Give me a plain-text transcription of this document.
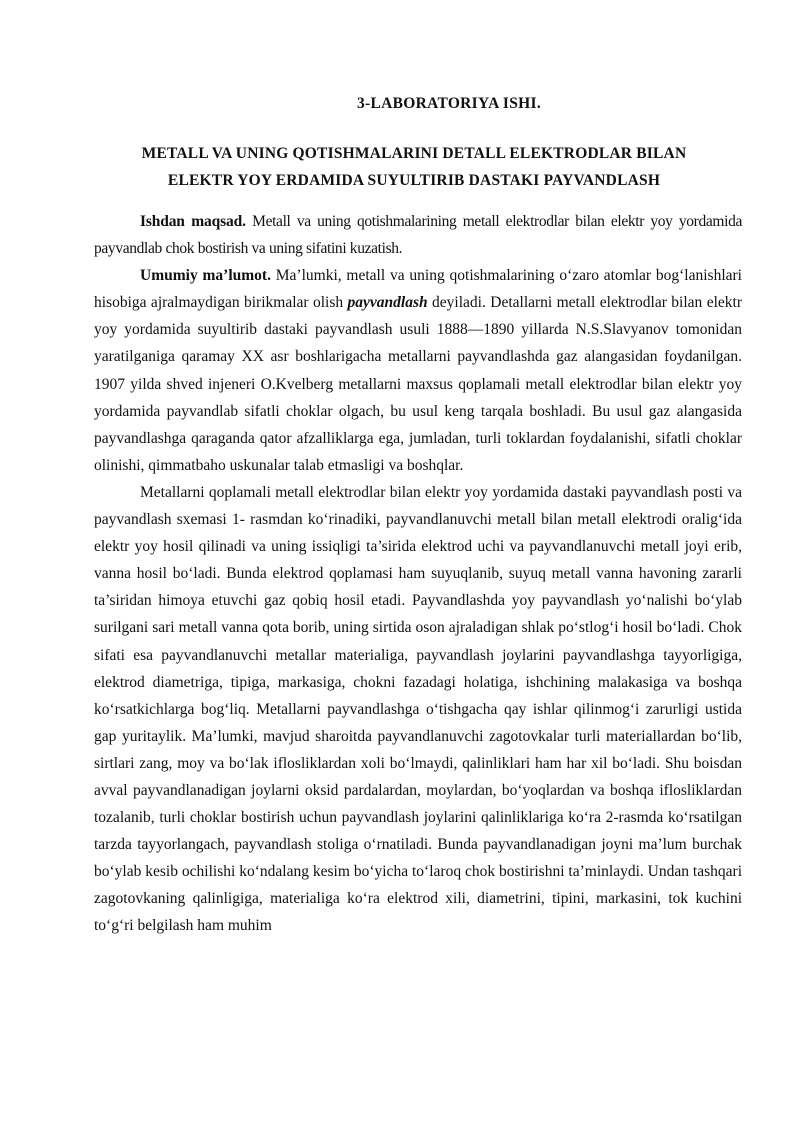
3-LABORATORIYA ISHI.
METALL VA UNING QOTISHMALARINI DETALL ELEKTRODLAR BILAN
ELEKTR YOY ERDAMIDA SUYULTIRIB DASTAKI PAYVANDLASH

Ishdan maqsad. Metall va uning qotishmalarining metall elektrodlar bilan elektr yoy yordamida payvandlab chok bostirish va uning sifatini kuzatish.

Umumiy ma’lumot. Ma’lumki, metall va uning qotishmalarining o‘zaro atomlar bog‘lanishlari hisobiga ajralmaydigan birikmalar olish payvandlash deyiladi. Detallarni metall elektrodlar bilan elektr yoy yordamida suyultirib dastaki payvandlash usuli 1888—1890 yillarda N.S.Slavyanov tomonidan yaratilganiga qaramay XX asr boshlarigacha metallarni payvandlashda gaz alangasidan foydanilgan. 1907 yilda shved injeneri O.Kvelberg metallarni maxsus qoplamali metall elektrodlar bilan elektr yoy yordamida payvandlab sifatli choklar olgach, bu usul keng tarqala boshladi. Bu usul gaz alangasida payvandlashga qaraganda qator afzalliklarga ega, jumladan, turli toklardan foydalanishi, sifatli choklar olinishi, qimmatbaho uskunalar talab etmasligi va boshqlar.

Metallarni qoplamali metall elektrodlar bilan elektr yoy yordamida dastaki payvandlash posti va payvandlash sxemasi 1- rasmdan ko‘rinadiki, payvandlanuvchi metall bilan metall elektrodi oralig‘ida elektr yoy hosil qilinadi va uning issiqligi ta’sirida elektrod uchi va payvandlanuvchi metall joyi erib, vanna hosil bo‘ladi. Bunda elektrod qoplamasi ham suyuqlanib, suyuq metall vanna havoning zararli ta’siridan himoya etuvchi gaz qobiq hosil etadi. Payvandlashda yoy payvandlash yo‘nalishi bo‘ylab surilgani sari metall vanna qota borib, uning sirtida oson ajraladigan shlak po‘stlog‘i hosil bo‘ladi. Chok sifati esa payvandlanuvchi metallar materialiga, payvandlash joylarini payvandlashga tayyorligiga, elektrod diametriga, tipiga, markasiga, chokni fazadagi holatiga, ishchining malakasiga va boshqa ko‘rsatkichlarga bog‘liq. Metallarni payvandlashga o‘tishgacha qay ishlar qilinmog‘i zarurligi ustida gap yuritaylik. Ma’lumki, mavjud sharoitda payvandlanuvchi zagotovkalar turli materiallardan bo‘lib, sirtlari zang, moy va bo‘lak iflosliklardan xoli bo‘lmaydi, qalinliklari ham har xil bo‘ladi. Shu boisdan avval payvandlanadigan joylarni oksid pardalardan, moylardan, bo‘yoqlardan va boshqa iflosliklardan tozalanib, turli choklar bostirish uchun payvandlash joylarini qalinliklariga ko‘ra 2-rasmda ko‘rsatilgan tarzda tayyorlangach, payvandlash stoliga o‘rnatiladi. Bunda payvandlanadigan joyni ma’lum burchak bo‘ylab kesib ochilishi ko‘ndalang kesim bo‘yicha to‘laroq chok bostirishni ta’minlaydi. Undan tashqari zagotovkaning qalinligiga, materialiga ko‘ra elektrod xili, diametrini, tipini, markasini, tok kuchini to‘g‘ri belgilash ham muhim
